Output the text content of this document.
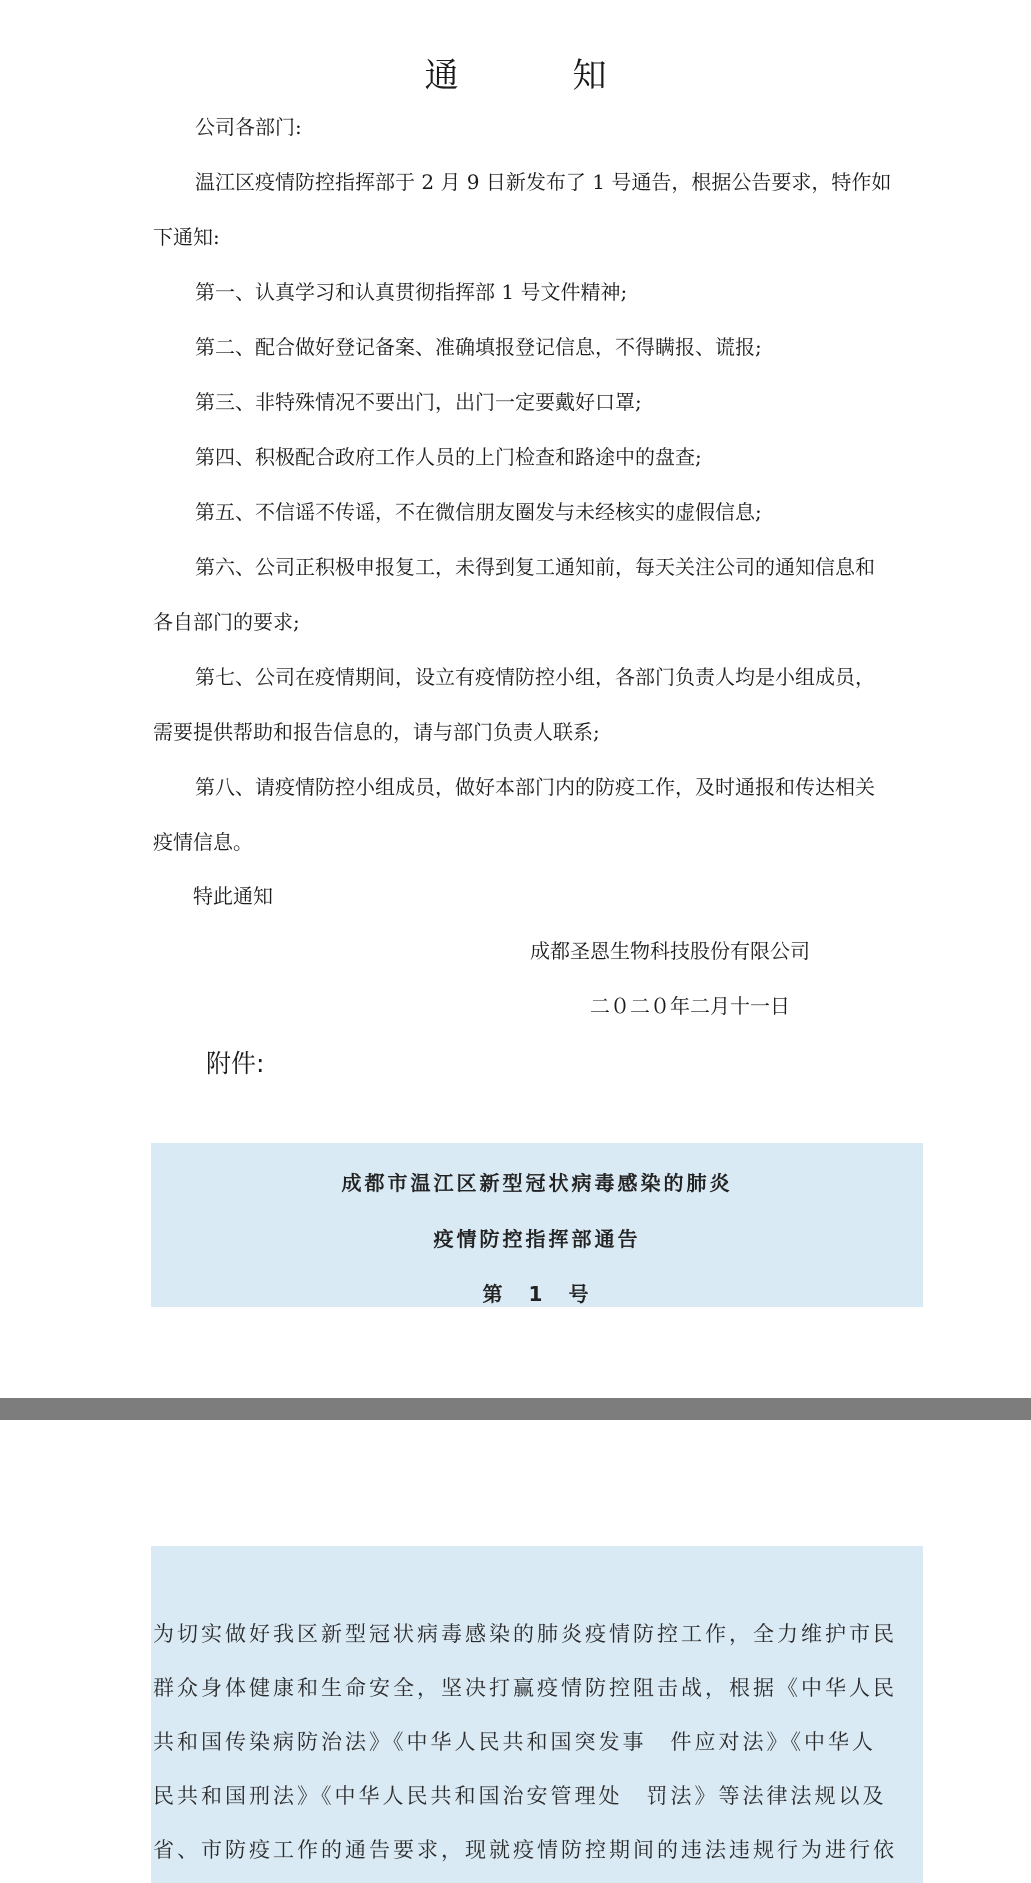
通　知
公司各部门:
温江区疫情防控指挥部于 2 月 9 日新发布了 1 号通告，根据公告要求，特作如
下通知:
第一、认真学习和认真贯彻指挥部 1 号文件精神;
第二、配合做好登记备案、准确填报登记信息，不得瞒报、谎报;
第三、非特殊情况不要出门，出门一定要戴好口罩;
第四、积极配合政府工作人员的上门检查和路途中的盘查;
第五、不信谣不传谣，不在微信朋友圈发与未经核实的虚假信息;
第六、公司正积极申报复工，未得到复工通知前，每天关注公司的通知信息和
各自部门的要求;
第七、公司在疫情期间，设立有疫情防控小组，各部门负责人均是小组成员，
需要提供帮助和报告信息的，请与部门负责人联系;
第八、请疫情防控小组成员，做好本部门内的防疫工作，及时通报和传达相关
疫情信息。
特此通知
成都圣恩生物科技股份有限公司
二０二０年二月十一日
附件:
成都市温江区新型冠状病毒感染的肺炎
疫情防控指挥部通告
第　1　号
为切实做好我区新型冠状病毒感染的肺炎疫情防控工作，全力维护市民
群众身体健康和生命安全，坚决打赢疫情防控阻击战，根据《中华人民
共和国传染病防治法》《中华人民共和国突发事　件应对法》《中华人
民共和国刑法》《中华人民共和国治安管理处　罚法》等法律法规以及
省、市防疫工作的通告要求，现就疫情防控期间的违法违规行为进行依
